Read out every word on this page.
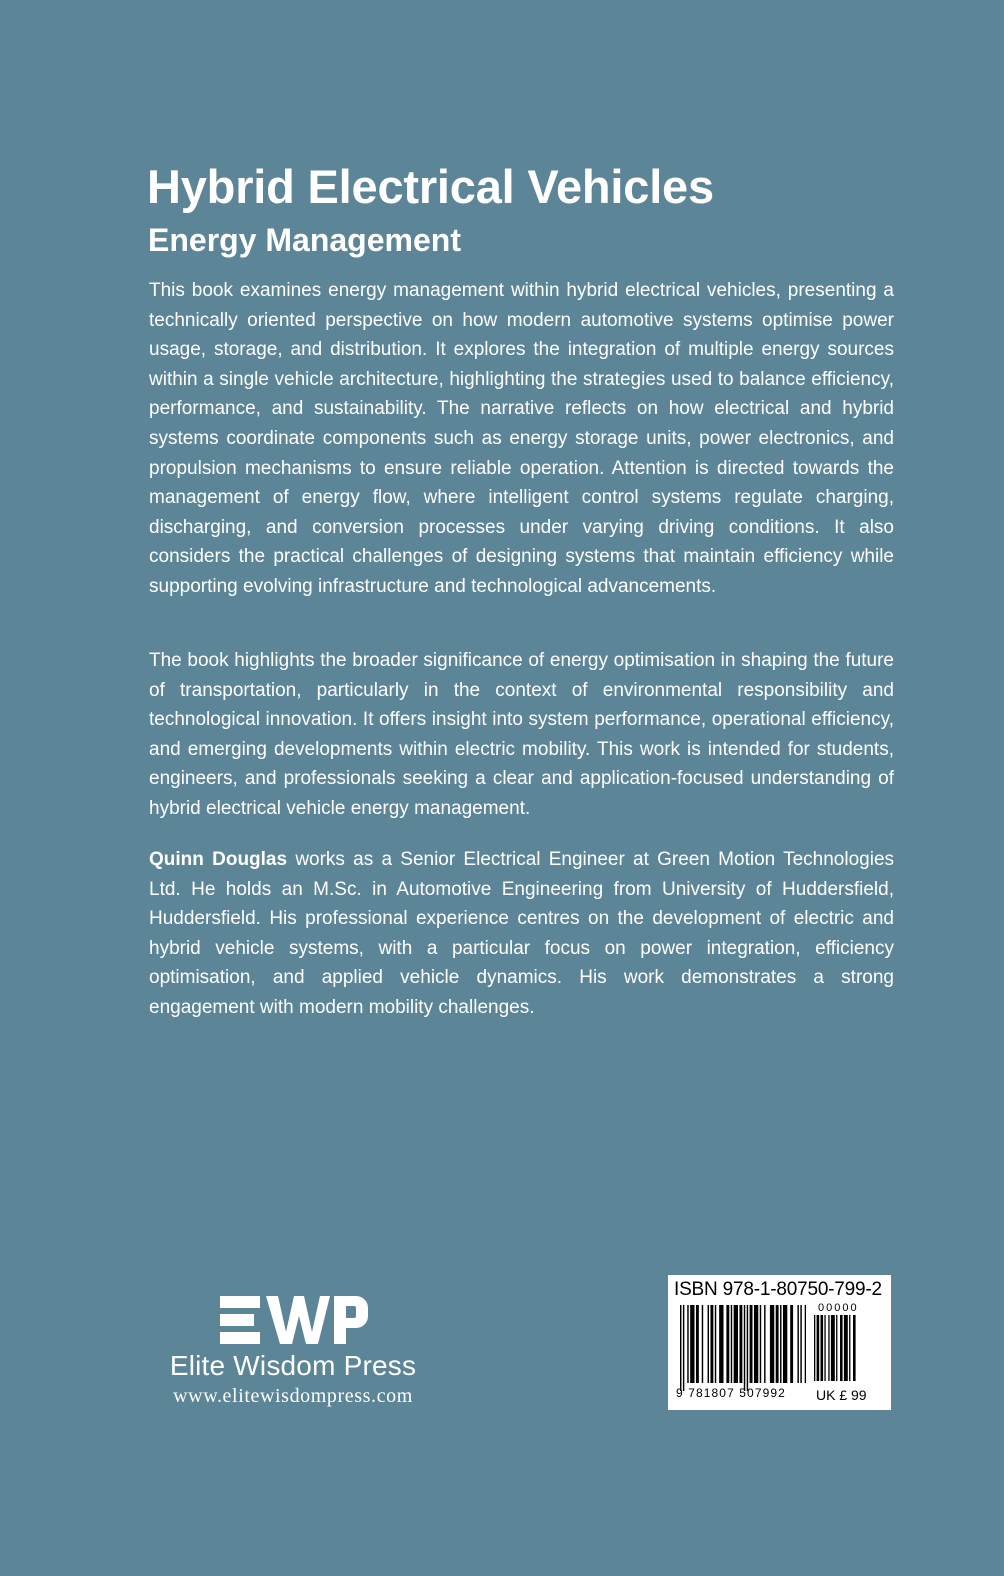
Hybrid Electrical Vehicles
Energy Management

This book examines energy management within hybrid electrical vehicles, presenting a technically oriented perspective on how modern automotive systems optimise power usage, storage, and distribution. It explores the integration of multiple energy sources within a single vehicle architecture, highlighting the strategies used to balance efficiency, performance, and sustainability. The narrative reflects on how electrical and hybrid systems coordinate components such as energy storage units, power electronics, and propulsion mechanisms to ensure reliable operation. Attention is directed towards the management of energy flow, where intelligent control systems regulate charging, discharging, and conversion processes under varying driving conditions. It also considers the practical challenges of designing systems that maintain efficiency while supporting evolving infrastructure and technological advancements.

The book highlights the broader significance of energy optimisation in shaping the future of transportation, particularly in the context of environmental responsibility and technological innovation. It offers insight into system performance, operational efficiency, and emerging developments within electric mobility. This work is intended for students, engineers, and professionals seeking a clear and application-focused understanding of hybrid electrical vehicle energy management.

Quinn Douglas works as a Senior Electrical Engineer at Green Motion Technologies Ltd. He holds an M.Sc. in Automotive Engineering from University of Huddersfield, Huddersfield. His professional experience centres on the development of electric and hybrid vehicle systems, with a particular focus on power integration, efficiency optimisation, and applied vehicle dynamics. His work demonstrates a strong engagement with modern mobility challenges.

Elite Wisdom Press
www.elitewisdompress.com
ISBN 978-1-80750-799-2
00000
9 781807 507992 UK £ 99
